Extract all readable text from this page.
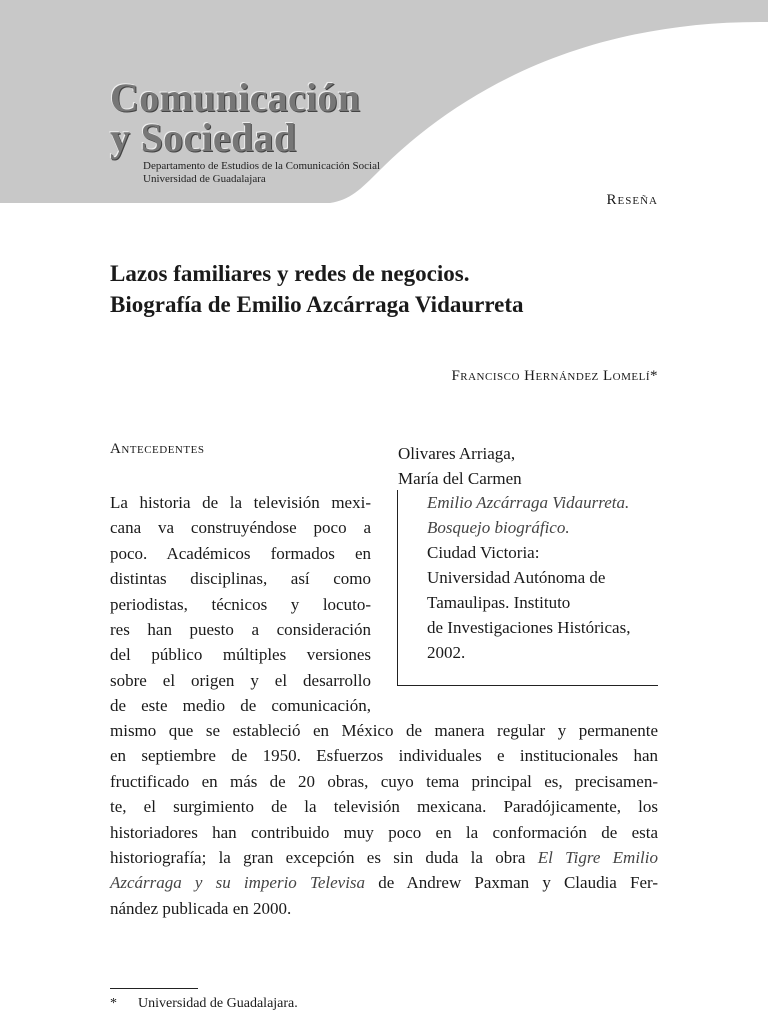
Comunicación
y Sociedad
Departamento de Estudios de la Comunicación Social
Universidad de Guadalajara
Reseña
Lazos familiares y redes de negocios.
Biografía de Emilio Azcárraga Vidaurreta
Francisco Hernández Lomelí*
Antecedentes
La historia de la televisión mexi-
cana va construyéndose poco a
poco. Académicos formados en
distintas disciplinas, así como
periodistas, técnicos y locuto-
res han puesto a consideración
del público múltiples versiones
sobre el origen y el desarrollo
de este medio de comunicación,
Olivares Arriaga,
María del Carmen
Emilio Azcárraga Vidaurreta.
Bosquejo biográfico.
Ciudad Victoria:
Universidad Autónoma de
Tamaulipas. Instituto
de Investigaciones Históricas,
2002.
mismo que se estableció en México de manera regular y permanente
en septiembre de 1950. Esfuerzos individuales e institucionales han
fructificado en más de 20 obras, cuyo tema principal es, precisamen-
te, el surgimiento de la televisión mexicana. Paradójicamente, los
historiadores han contribuido muy poco en la conformación de esta
historiografía; la gran excepción es sin duda la obra El Tigre Emilio
Azcárraga y su imperio Televisa de Andrew Paxman y Claudia Fer-
nández publicada en 2000.
* Universidad de Guadalajara.
